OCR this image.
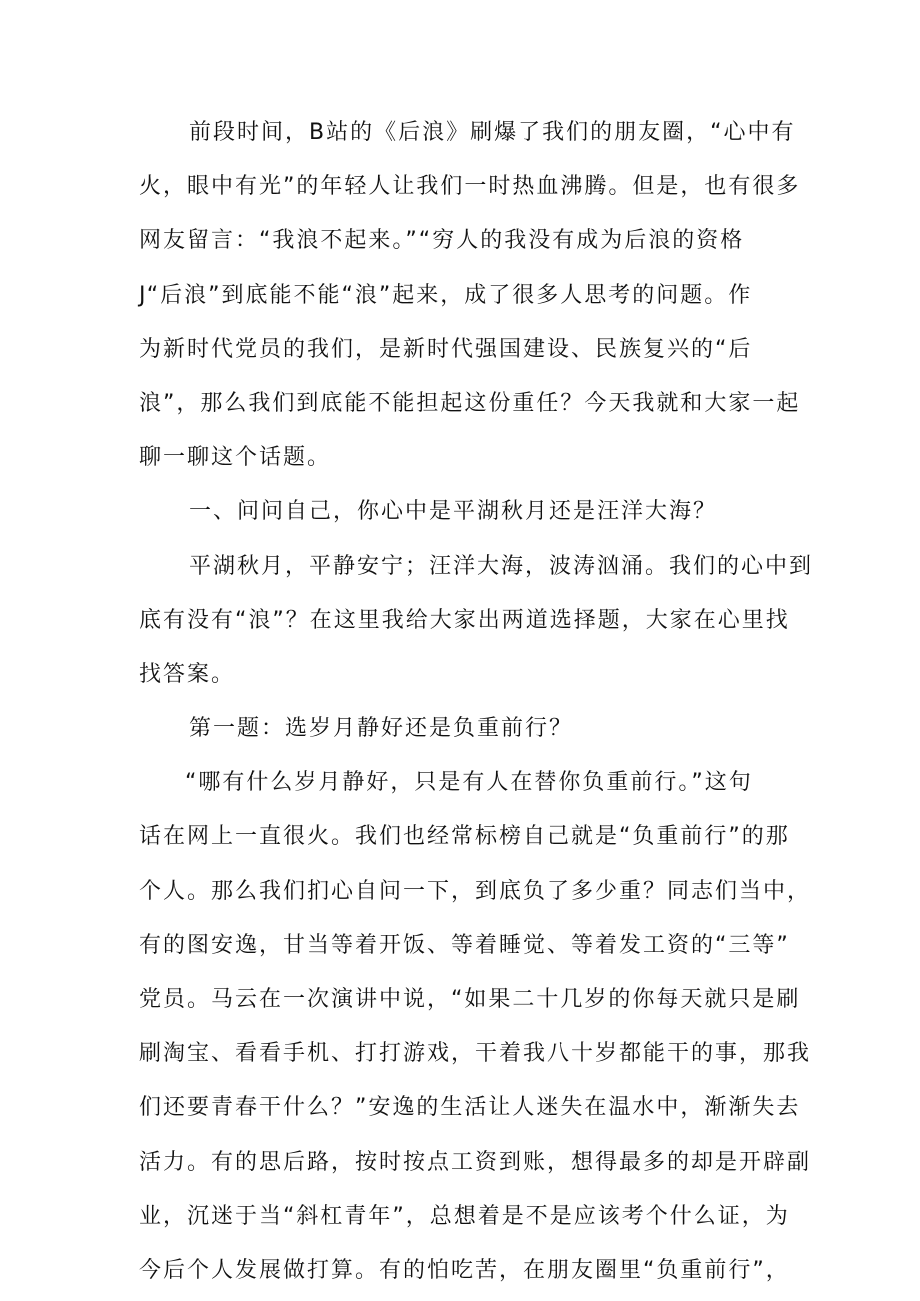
前段时间，B站的《后浪》刷爆了我们的朋友圈，“心中有
火，眼中有光”的年轻人让我们一时热血沸腾。但是，也有很多
网友留言：“我浪不起来。”“穷人的我没有成为后浪的资格
J“后浪”到底能不能“浪”起来，成了很多人思考的问题。作
为新时代党员的我们，是新时代强国建设、民族复兴的“后
浪”，那么我们到底能不能担起这份重任？今天我就和大家一起
聊一聊这个话题。
一、问问自己，你心中是平湖秋月还是汪洋大海？
平湖秋月，平静安宁；汪洋大海，波涛汹涌。我们的心中到
底有没有“浪”？在这里我给大家出两道选择题，大家在心里找
找答案。
第一题：选岁月静好还是负重前行？
“哪有什么岁月静好，只是有人在替你负重前行。”这句
话在网上一直很火。我们也经常标榜自己就是“负重前行”的那
个人。那么我们扪心自问一下，到底负了多少重？同志们当中，
有的图安逸，甘当等着开饭、等着睡觉、等着发工资的“三等”
党员。马云在一次演讲中说，“如果二十几岁的你每天就只是刷
刷淘宝、看看手机、打打游戏，干着我八十岁都能干的事，那我
们还要青春干什么？”安逸的生活让人迷失在温水中，渐渐失去
活力。有的思后路，按时按点工资到账，想得最多的却是开辟副
业，沉迷于当“斜杠青年”，总想着是不是应该考个什么证，为
今后个人发展做打算。有的怕吃苦，在朋友圈里“负重前行”，
